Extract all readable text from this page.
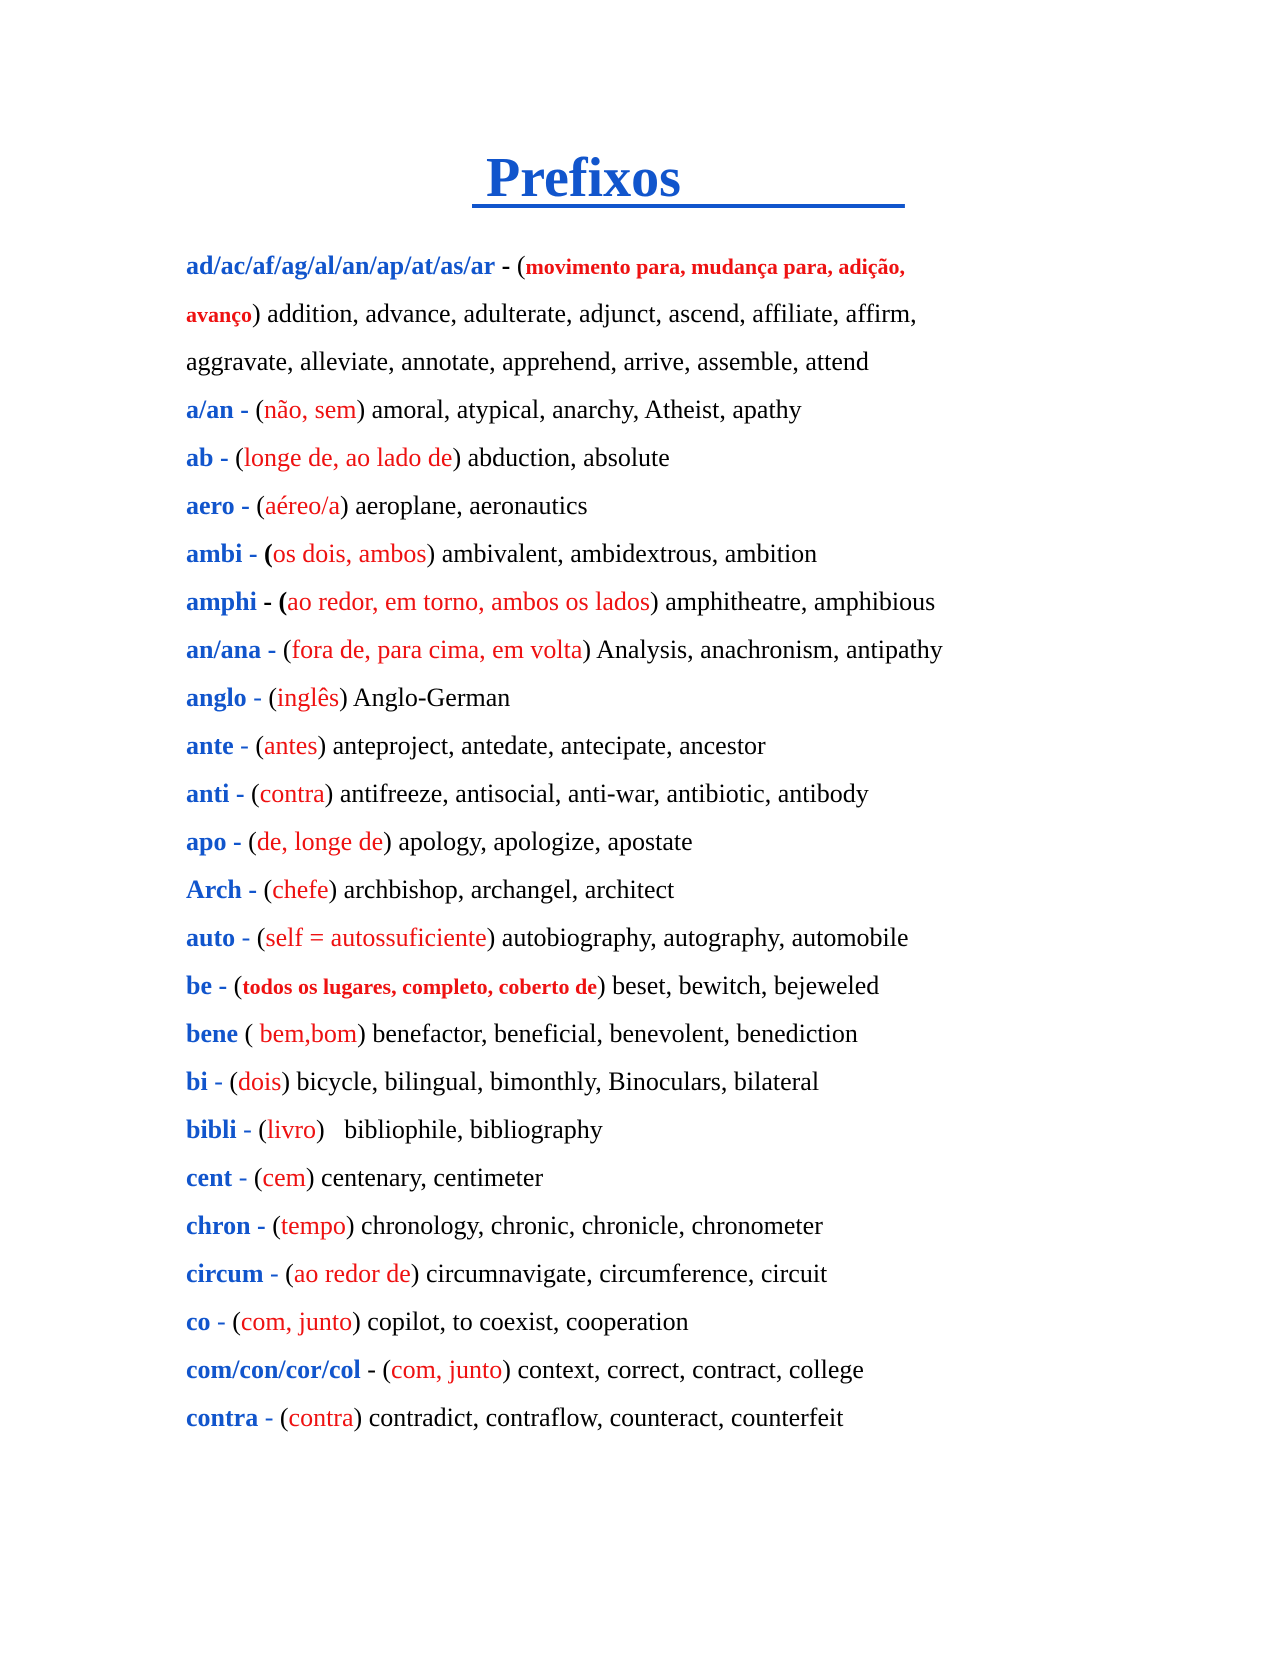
Prefixos
ad/ac/af/ag/al/an/ap/at/as/ar - (movimento para, mudança para, adição,
avanço) addition, advance, adulterate, adjunct, ascend, affiliate, affirm,
aggravate, alleviate, annotate, apprehend, arrive, assemble, attend
a/an - (não, sem) amoral, atypical, anarchy, Atheist, apathy
ab - (longe de, ao lado de) abduction, absolute
aero - (aéreo/a) aeroplane, aeronautics
ambi - (os dois, ambos) ambivalent, ambidextrous, ambition
amphi - (ao redor, em torno, ambos os lados) amphitheatre, amphibious
an/ana - (fora de, para cima, em volta) Analysis, anachronism, antipathy
anglo - (inglês) Anglo-German
ante - (antes) anteproject, antedate, antecipate, ancestor
anti - (contra) antifreeze, antisocial, anti-war, antibiotic, antibody
apo - (de, longe de) apology, apologize, apostate
Arch - (chefe) archbishop, archangel, architect
auto - (self = autossuficiente) autobiography, autography, automobile
be - (todos os lugares, completo, coberto de) beset, bewitch, bejeweled
bene ( bem,bom) benefactor, beneficial, benevolent, benediction
bi - (dois) bicycle, bilingual, bimonthly, Binoculars, bilateral
bibli - (livro)   bibliophile, bibliography
cent - (cem) centenary, centimeter
chron - (tempo) chronology, chronic, chronicle, chronometer
circum - (ao redor de) circumnavigate, circumference, circuit
co - (com, junto) copilot, to coexist, cooperation
com/con/cor/col - (com, junto) context, correct, contract, college
contra - (contra) contradict, contraflow, counteract, counterfeit
